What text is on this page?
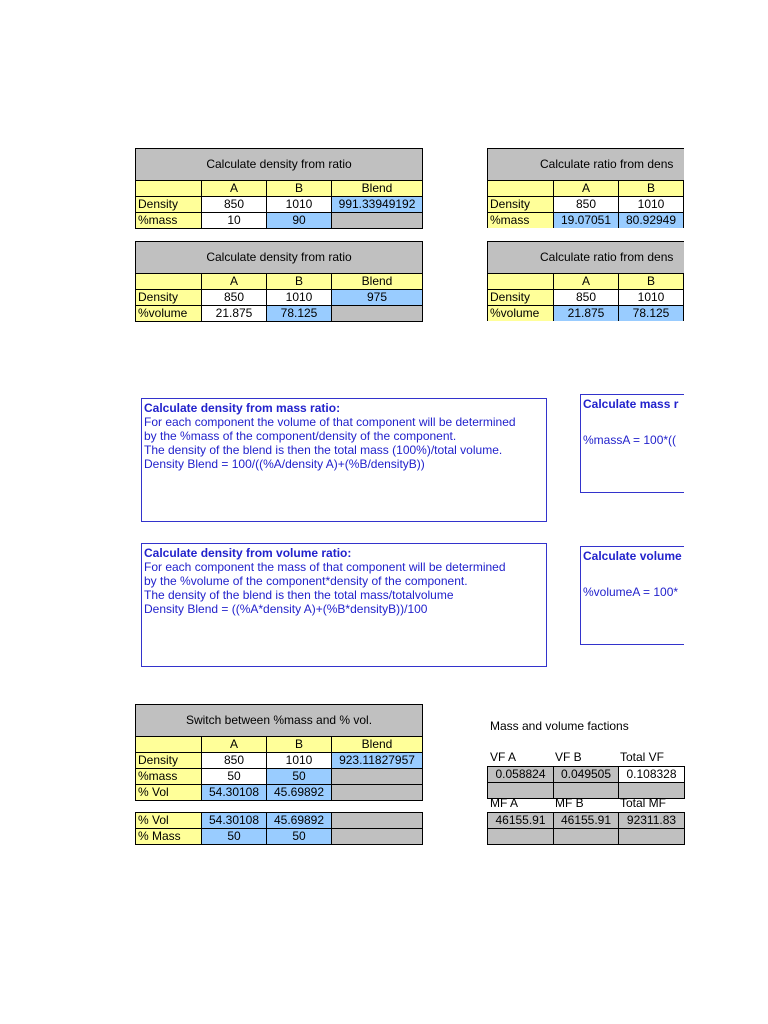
Calculate density from ratio			
	A	B	Blend
Density	850	1010	991.33949192
%mass	10	90	
Calculate density from ratio			
	A	B	Blend
Density	850	1010	975
%volume	21.875	78.125	
Calculate ratio from dens			
	A	B	
Density	850	1010	
%mass	19.07051	80.92949	
Calculate ratio from dens			
	A	B	
Density	850	1010	
%volume	21.875	78.125	
Calculate density from mass ratio:
For each component the volume of that component will be determined
by the %mass of the component/density of the component.
The density of the blend is then the total mass (100%)/total volume.
Density Blend = 100/((%A/density A)+(%B/densityB))
Calculate density from volume ratio:
For each component the mass of that component will be determined
by the %volume of the component*density of the component.
The density of the blend is then the total mass/totalvolume
Density Blend = ((%A*density A)+(%B*densityB))/100
Calculate mass r
%massA = 100*((
Calculate volume
%volumeA = 100*
Switch between %mass and % vol.			
	A	B	Blend
Density	850	1010	923.11827957
%mass	50	50	
% Vol	54.30108	45.69892	
% Vol	54.30108	45.69892	
% Mass	50	50	
Mass and volume factions
VF A	VF B	Total VF
0.058824	0.049505	0.108328

MF A	MF B	Total MF
46155.91	46155.91	92311.83
